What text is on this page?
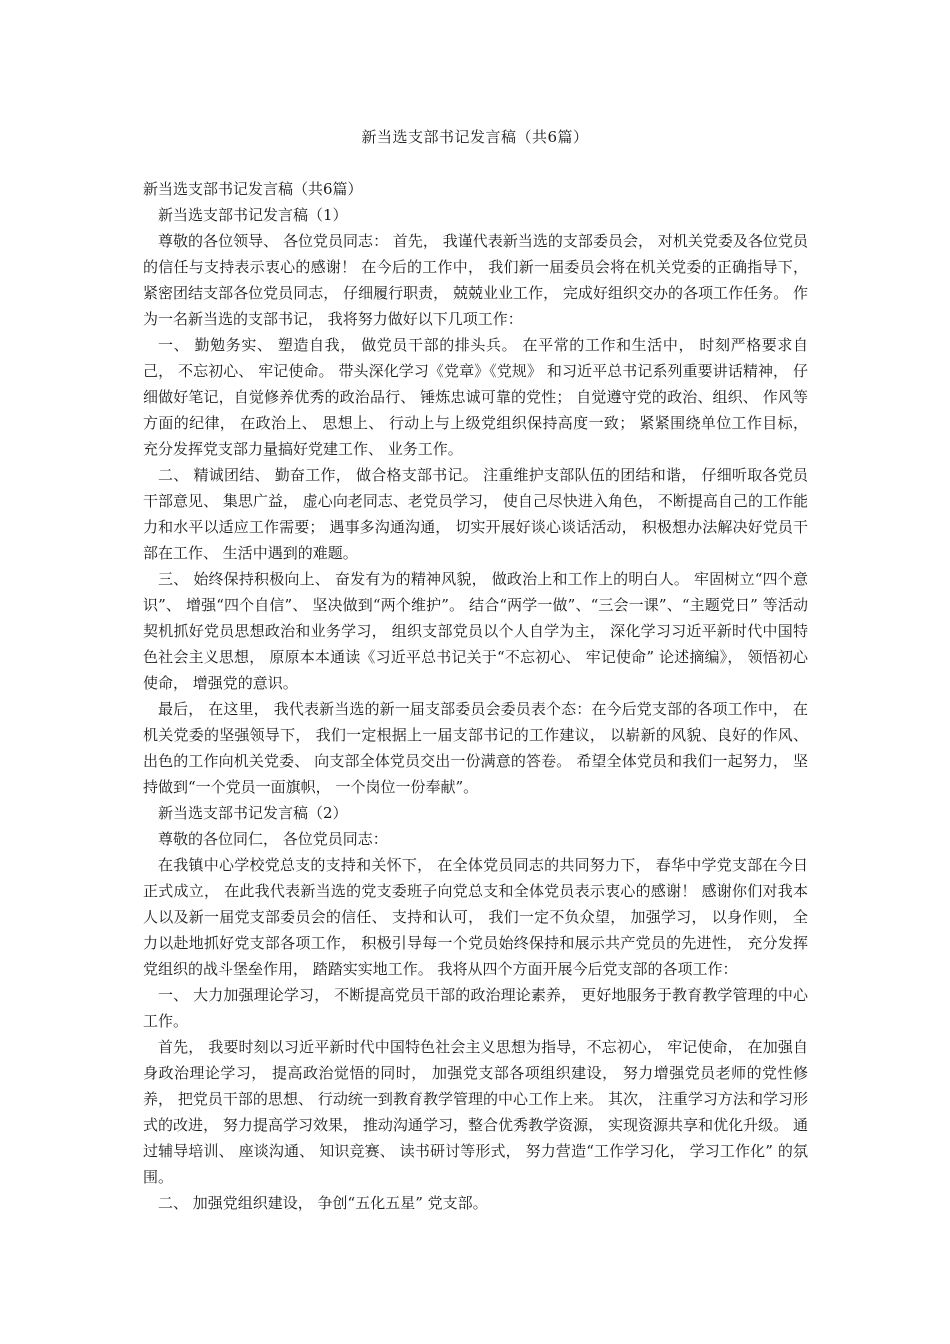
新当选支部书记发言稿（共6篇）

新当选支部书记发言稿（共6篇）

新当选支部书记发言稿（1）

尊敬的各位领导、 各位党员同志： 首先， 我谨代表新当选的支部委员会， 对机关党委及各位党员的信任与支持表示衷心的感谢！ 在今后的工作中， 我们新一届委员会将在机关党委的正确指导下， 紧密团结支部各位党员同志， 仔细履行职责， 兢兢业业工作， 完成好组织交办的各项工作任务。 作为一名新当选的支部书记， 我将努力做好以下几项工作：

一、 勤勉务实、 塑造自我， 做党员干部的排头兵。 在平常的工作和生活中， 时刻严格要求自己， 不忘初心、 牢记使命。 带头深化学习《党章》《党规》 和习近平总书记系列重要讲话精神， 仔细做好笔记，自觉修养优秀的政治品行、 锤炼忠诚可靠的党性； 自觉遵守党的政治、组织、 作风等方面的纪律， 在政治上、 思想上、 行动上与上级党组织保持高度一致； 紧紧围绕单位工作目标， 充分发挥党支部力量搞好党建工作、 业务工作。

二、 精诚团结、 勤奋工作， 做合格支部书记。 注重维护支部队伍的团结和谐， 仔细听取各党员干部意见、 集思广益， 虚心向老同志、老党员学习， 使自己尽快进入角色， 不断提高自己的工作能力和水平以适应工作需要； 遇事多沟通沟通， 切实开展好谈心谈话活动， 积极想办法解决好党员干部在工作、 生活中遇到的难题。

三、 始终保持积极向上、 奋发有为的精神风貌， 做政治上和工作上的明白人。 牢固树立“四个意识”、 增强“四个自信”、 坚决做到“两个维护”。 结合“两学一做”、“三会一课”、“主题党日” 等活动契机抓好党员思想政治和业务学习， 组织支部党员以个人自学为主， 深化学习习近平新时代中国特色社会主义思想， 原原本本通读《习近平总书记关于“不忘初心、 牢记使命” 论述摘编》， 领悟初心使命， 增强党的意识。

最后， 在这里， 我代表新当选的新一届支部委员会委员表个态：在今后党支部的各项工作中， 在机关党委的坚强领导下， 我们一定根据上一届支部书记的工作建议， 以崭新的风貌、良好的作风、 出色的工作向机关党委、 向支部全体党员交出一份满意的答卷。 希望全体党员和我们一起努力， 坚持做到“一个党员一面旗帜， 一个岗位一份奉献”。

新当选支部书记发言稿（2）

尊敬的各位同仁， 各位党员同志：

在我镇中心学校党总支的支持和关怀下， 在全体党员同志的共同努力下， 春华中学党支部在今日正式成立， 在此我代表新当选的党支委班子向党总支和全体党员表示衷心的感谢！ 感谢你们对我本人以及新一届党支部委员会的信任、 支持和认可， 我们一定不负众望， 加强学习， 以身作则， 全力以赴地抓好党支部各项工作， 积极引导每一个党员始终保持和展示共产党员的先进性， 充分发挥党组织的战斗堡垒作用， 踏踏实实地工作。 我将从四个方面开展今后党支部的各项工作：

一、 大力加强理论学习， 不断提高党员干部的政治理论素养， 更好地服务于教育教学管理的中心工作。

首先， 我要时刻以习近平新时代中国特色社会主义思想为指导，不忘初心， 牢记使命， 在加强自身政治理论学习， 提高政治觉悟的同时， 加强党支部各项组织建设， 努力增强党员老师的党性修养， 把党员干部的思想、 行动统一到教育教学管理的中心工作上来。 其次， 注重学习方法和学习形式的改进， 努力提高学习效果， 推动沟通学习，整合优秀教学资源， 实现资源共享和优化升级。 通过辅导培训、 座谈沟通、 知识竞赛、 读书研讨等形式， 努力营造“工作学习化， 学习工作化” 的氛围。

二、 加强党组织建设， 争创“五化五星” 党支部。
